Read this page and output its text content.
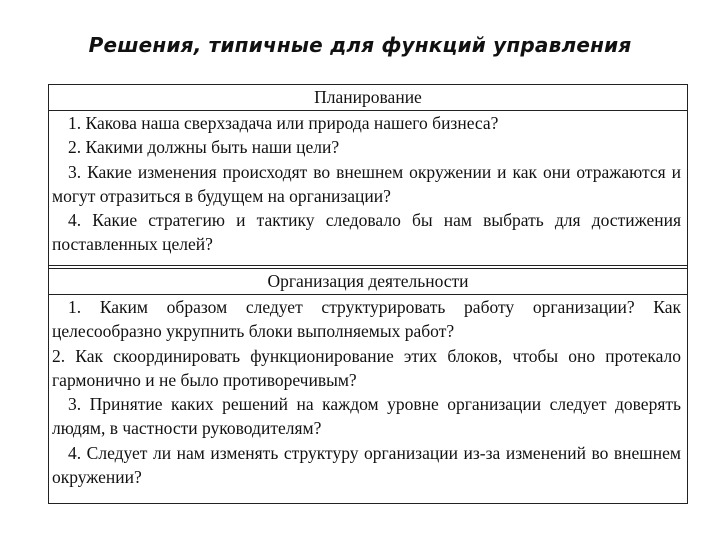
Решения, типичные для функций управления
Планирование

1. Какова наша сверхзадача или природа нашего бизнеса?

2. Какими должны быть наши цели?

3. Какие изменения происходят во внешнем окружении и как они отражаются и могут отразиться в будущем на организации?

4. Какие стратегию и тактику следовало бы нам выбрать для достижения поставленных целей?

Организация деятельности

1. Каким образом следует структурировать работу организации? Как целесообразно укрупнить блоки выполняемых работ?

2. Как скоординировать функционирование этих блоков, чтобы оно протекало гармонично и не было противоречивым?

3. Принятие каких решений на каждом уровне организации следует доверять людям, в частности руководителям?

4. Следует ли нам изменять структуру организации из-за изменений во внешнем окружении?
